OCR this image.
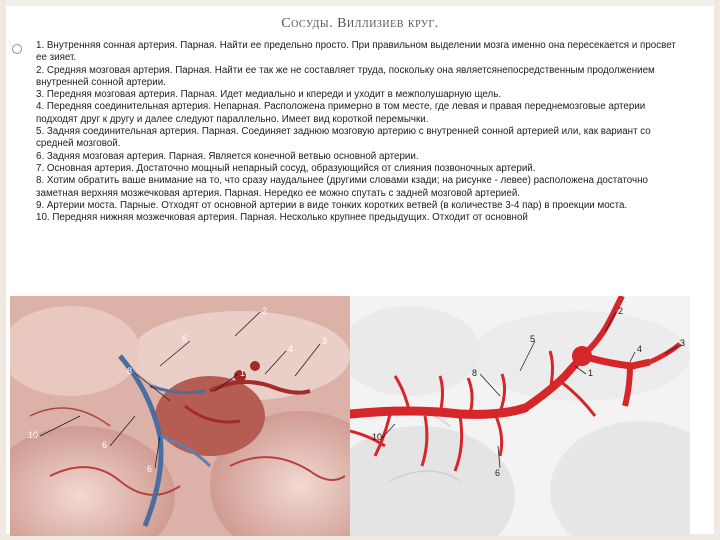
Сосуды. Виллизиев круг.

1. Внутренняя сонная артерия. Парная. Найти ее предельно просто. При правильном выделении мозга именно она пересекается и просвет ее зияет.

2. Средняя мозговая артерия. Парная. Найти ее так же не составляет труда, поскольку она являетсянепосредственным продолжением внутренней сонной артерии.

3. Передняя мозговая артерия. Парная. Идет медиально и кпереди и уходит в межполушарную щель.

4. Передняя соединительная артерия. Непарная. Расположена примерно в том месте, где левая и правая переднемозговые артерии подходят друг к другу и далее следуют параллельно. Имеет вид короткой перемычки.

5. Задняя соединительная артерия. Парная. Соединяет заднюю мозговую артерию с внутренней сонной артерией или, как вариант со средней мозговой.

6. Задняя мозговая артерия. Парная. Является конечной ветвью основной артерии.

7. Основная артерия. Достаточно мощный непарный сосуд, образующийся от слияния позвоночных артерий.

8. Хотим обратить ваше внимание на то, что сразу наудальнее (другими словами кзади; на рисунке - левее) расположена достаточно заметная верхняя мозжечковая артерия. Парная. Нередко ее можно спутать с задней мозговой артерией.

9. Артерии моста. Парные. Отходят от основной артерии в виде тонких коротких ветвей (в количестве 3-4 пар) в проекции моста.

10. Передняя нижняя мозжечковая артерия. Парная. Несколько крупнее предыдущих. Отходит от основной

2
5	3
1
8
4
10
6
6
2
5	3
1
8
4
10
6
